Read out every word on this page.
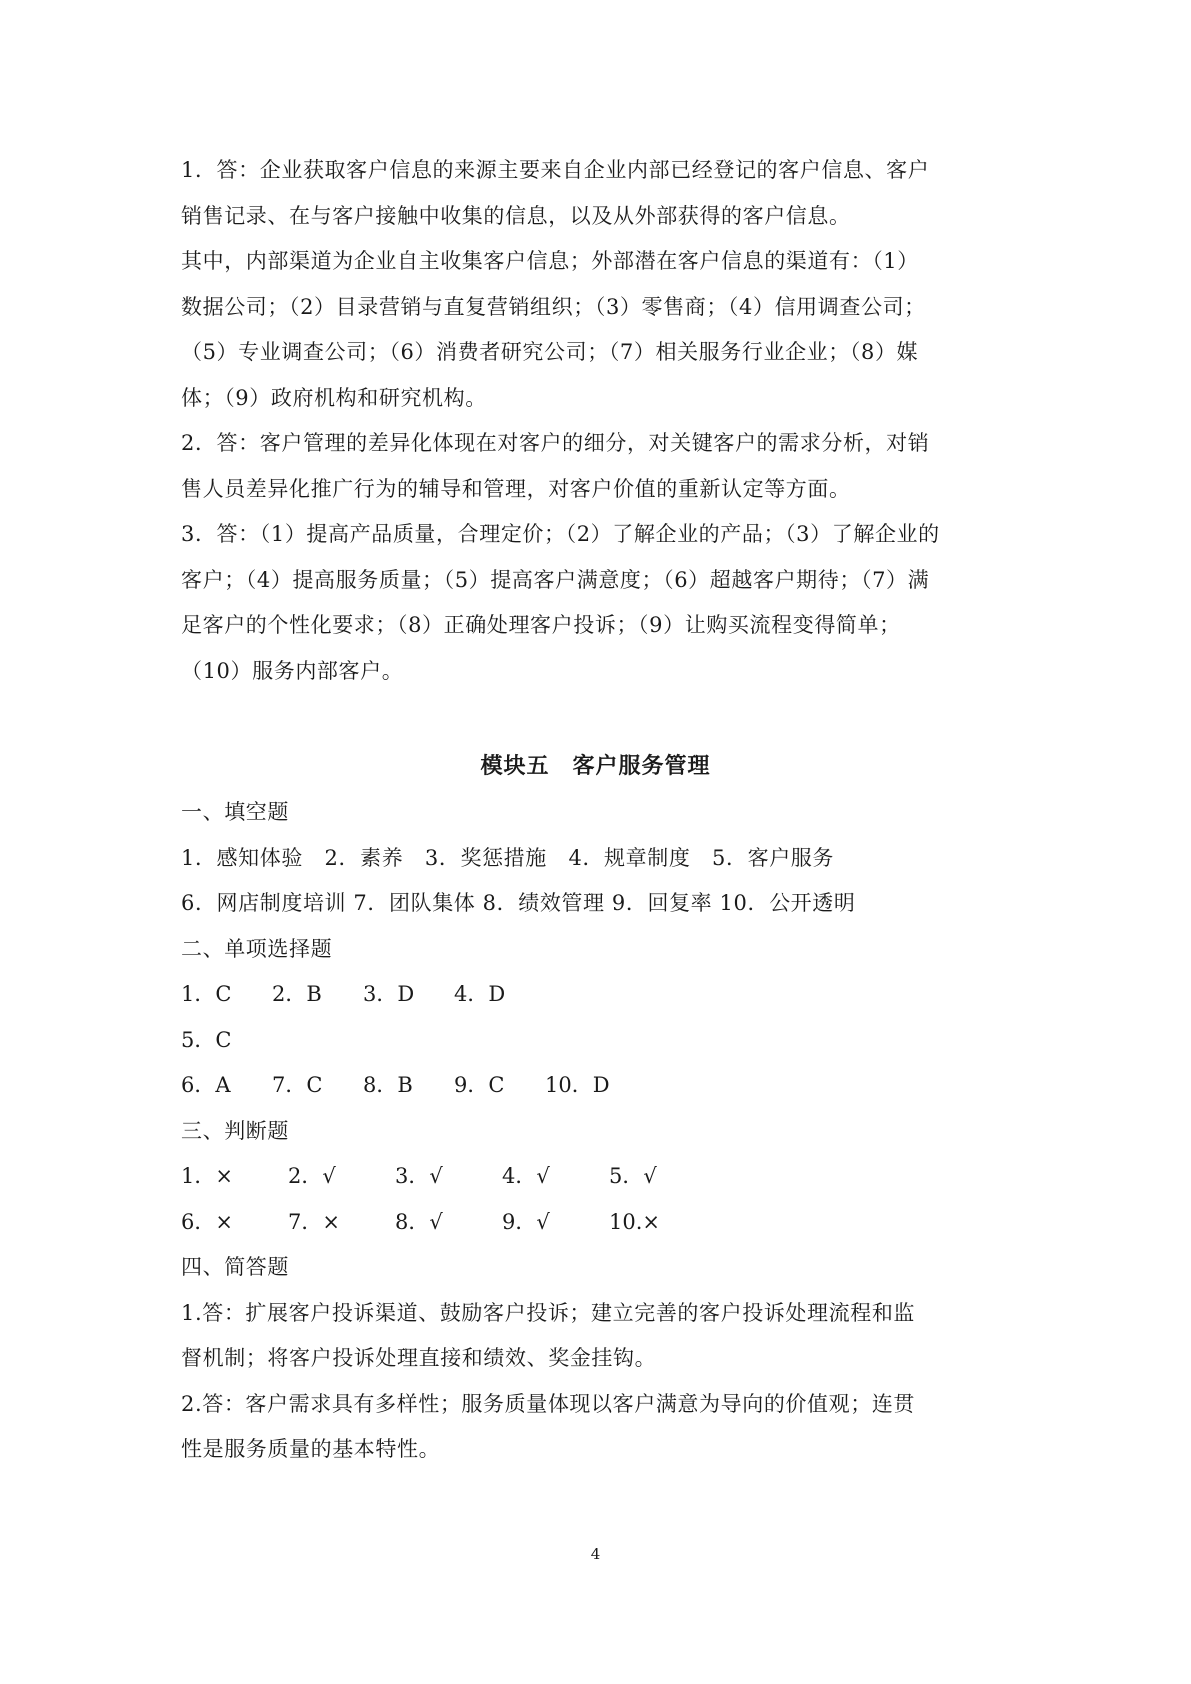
1．答：企业获取客户信息的来源主要来自企业内部已经登记的客户信息、客户
销售记录、在与客户接触中收集的信息，以及从外部获得的客户信息。
其中，内部渠道为企业自主收集客户信息；外部潜在客户信息的渠道有：（1）
数据公司；（2）目录营销与直复营销组织；（3）零售商；（4）信用调查公司；
（5）专业调查公司；（6）消费者研究公司；（7）相关服务行业企业；（8）媒
体；（9）政府机构和研究机构。
2．答：客户管理的差异化体现在对客户的细分，对关键客户的需求分析，对销
售人员差异化推广行为的辅导和管理，对客户价值的重新认定等方面。
3．答：（1）提高产品质量，合理定价；（2）了解企业的产品；（3）了解企业的
客户；（4）提高服务质量；（5）提高客户满意度；（6）超越客户期待；（7）满
足客户的个性化要求；（8）正确处理客户投诉；（9）让购买流程变得简单；
（10）服务内部客户。
模块五　客户服务管理
一、填空题
1．感知体验　2．素养　3．奖惩措施　4．规章制度　5．客户服务
6．网店制度培训 7．团队集体 8．绩效管理 9．回复率 10．公开透明
二、单项选择题
1．C 2．B 3．D 4．D
5．C
6．A 7．C 8．B 9．C 10．D
三、判断题
1．×	2．√	3．√	4．√	5．√
6．×	7．×	8．√	9．√	10.×
四、简答题
1.答：扩展客户投诉渠道、鼓励客户投诉；建立完善的客户投诉处理流程和监
督机制；将客户投诉处理直接和绩效、奖金挂钩。
2.答：客户需求具有多样性；服务质量体现以客户满意为导向的价值观；连贯
性是服务质量的基本特性。
4
